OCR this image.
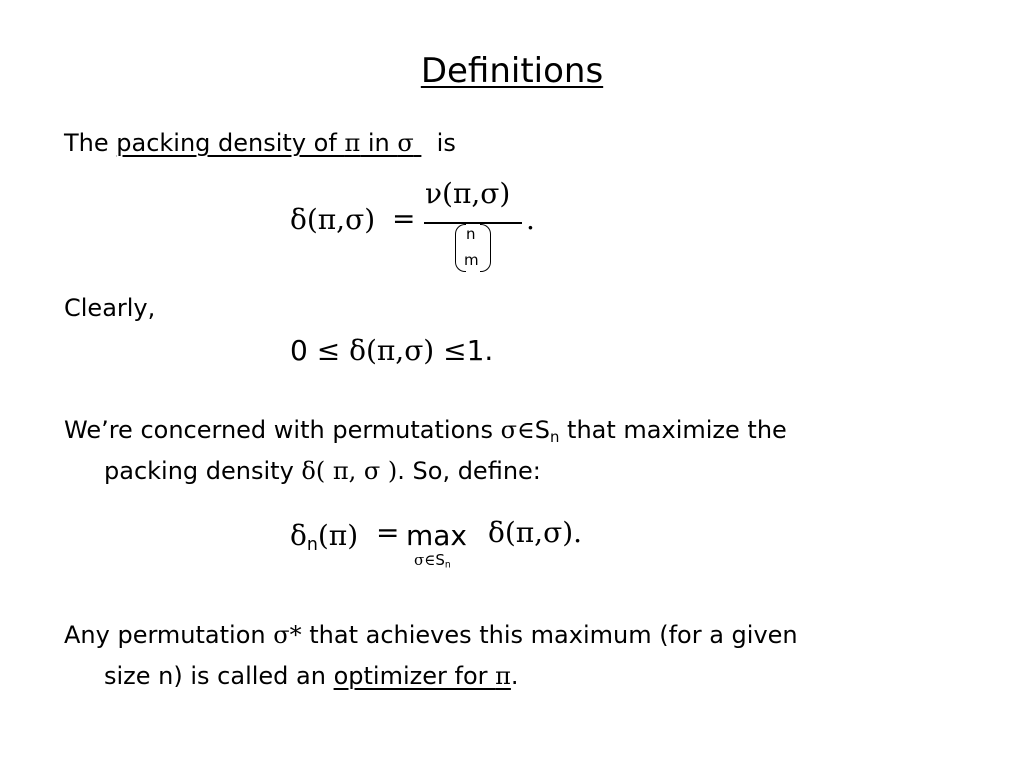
Definitions
The packing density of π in σ is
δ(π,σ) =
ν(π,σ)
n
m
.
Clearly,
0 ≤ δ(π,σ) ≤1.
We’re concerned with permutations $\sigma\in S_n$ that maximize the
packing density δ( π, σ ). So, define:
$\delta_n(\pi) = \max \delta(\pi,\sigma)$.
$\sigma\in S_n$
Any permutation σ* that achieves this maximum (for a given
size n) is called an optimizer for π.
